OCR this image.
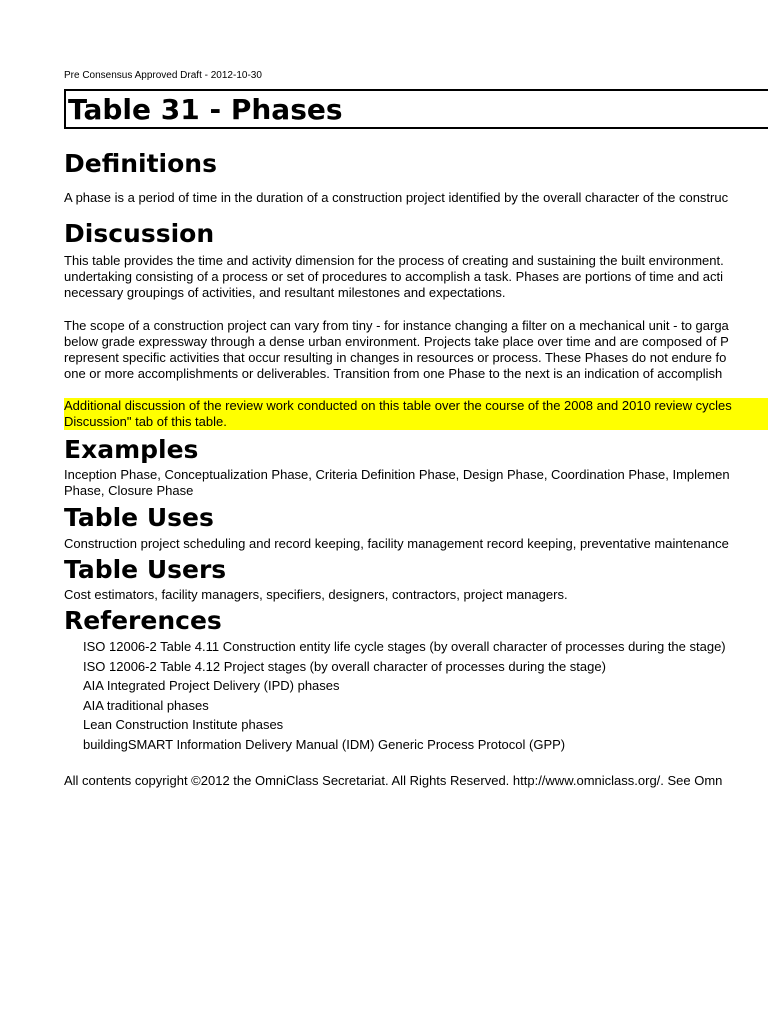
Pre Consensus Approved Draft - 2012-10-30
Table 31 - Phases
Definitions
A phase is a period of time in the duration of a construction project identified by the overall character of the construc
Discussion
This table provides the time and activity dimension for the process of creating and sustaining the built environment.
undertaking consisting of a process or set of procedures to accomplish a task. Phases are portions of time and acti
necessary groupings of activities, and resultant milestones and expectations.
The scope of a construction project can vary from tiny - for instance changing a filter on a mechanical unit - to garga
below grade expressway through a dense urban environment. Projects take place over time and are composed of P
represent specific activities that occur resulting in changes in resources or process. These Phases do not endure fo
one or more accomplishments or deliverables. Transition from one Phase to the next is an indication of accomplish
Additional discussion of the review work conducted on this table over the course of the 2008 and 2010 review cycles
Discussion" tab of this table.
Examples
Inception Phase, Conceptualization Phase, Criteria Definition Phase, Design Phase, Coordination Phase, Implemen
Phase, Closure Phase
Table Uses
Construction project scheduling and record keeping, facility management record keeping, preventative maintenance
Table Users
Cost estimators, facility managers, specifiers, designers, contractors, project managers.
References
ISO 12006-2 Table 4.11 Construction entity life cycle stages (by overall character of processes during the stage)
ISO 12006-2 Table 4.12 Project stages (by overall character of processes during the stage)
AIA Integrated Project Delivery (IPD) phases
AIA traditional phases
Lean Construction Institute phases
buildingSMART Information Delivery Manual (IDM) Generic Process Protocol (GPP)
All contents copyright ©2012 the OmniClass Secretariat. All Rights Reserved. http://www.omniclass.org/. See Omn
